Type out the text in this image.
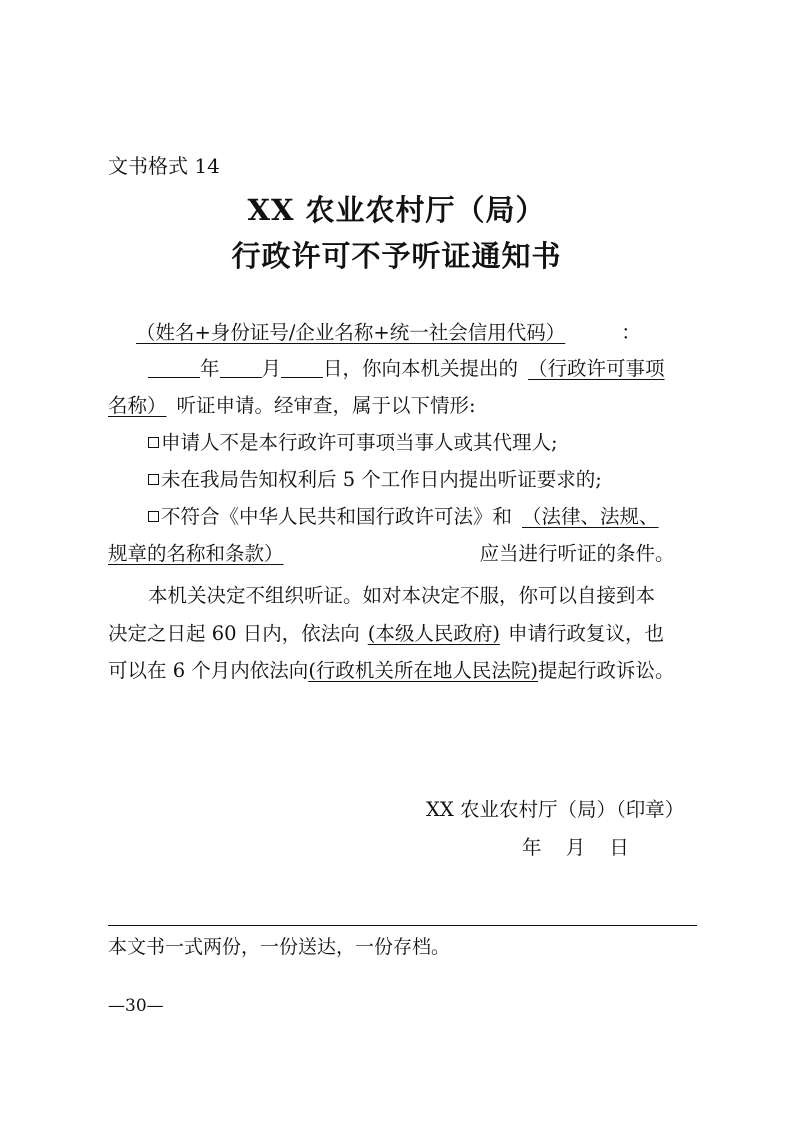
文书格式 14
XX 农业农村厅（局）
行政许可不予听证通知书
（姓名+身份证号/企业名称+统一社会信用代码）	：
年 月 日，你向本机关提出的 （行政许可事项
名称） 听证申请。经审查，属于以下情形:
申请人不是本行政许可事项当事人或其代理人;
未在我局告知权利后 5 个工作日内提出听证要求的;
不符合《中华人民共和国行政许可法》和 （法律、法规、
规章的名称和条款）	应当进行听证的条件。
本机关决定不组织听证。如对本决定不服，你可以自接到本
决定之日起 60 日内，依法向 (本级人民政府) 申请行政复议，也
可以在 6 个月内依法向(行政机关所在地人民法院)提起行政诉讼。
XX 农业农村厅（局）（印章）
年 月 日
本文书一式两份，一份送达，一份存档。
—30—
